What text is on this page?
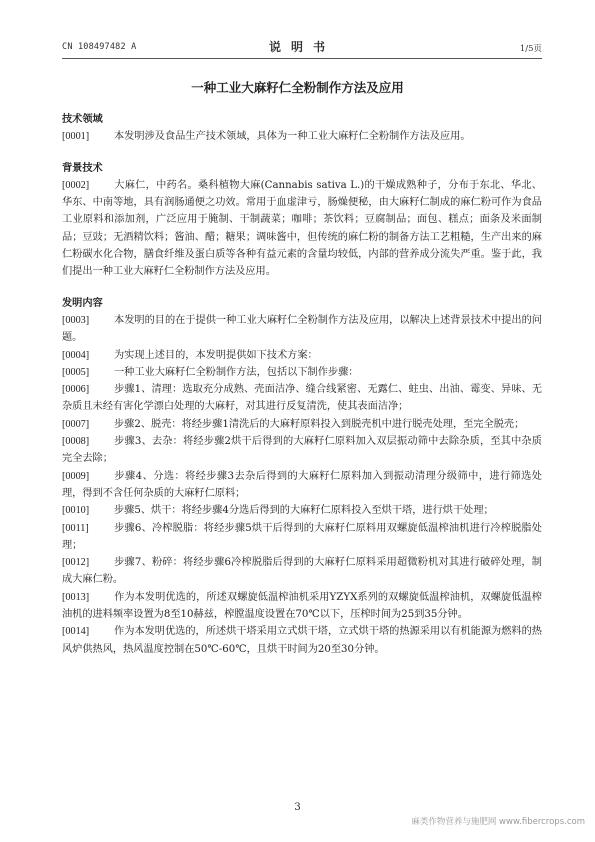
CN 108497482 A	说明书	1/5页
一种工业大麻籽仁全粉制作方法及应用

技术领域

[0001] 本发明涉及食品生产技术领域，具体为一种工业大麻籽仁全粉制作方法及应用。

背景技术

[0002] 大麻仁，中药名。桑科植物大麻(Cannabis sativa L.)的干燥成熟种子，分布于东北、华北、华东、中南等地，具有润肠通便之功效。常用于血虚津亏，肠燥便秘，由大麻籽仁制成的麻仁粉可作为食品工业原料和添加剂，广泛应用于腌制、干制蔬菜；咖啡；茶饮料；豆腐制品；面包、糕点；面条及米面制品；豆豉；无酒精饮料；酱油、醋；糖果；调味酱中，但传统的麻仁粉的制备方法工艺粗糙，生产出来的麻仁粉碳水化合物，膳食纤维及蛋白质等各种有益元素的含量均较低，内部的营养成分流失严重。鉴于此，我们提出一种工业大麻籽仁全粉制作方法及应用。

发明内容

[0003] 本发明的目的在于提供一种工业大麻籽仁全粉制作方法及应用，以解决上述背景技术中提出的问题。

[0004] 为实现上述目的，本发明提供如下技术方案：

[0005] 一种工业大麻籽仁全粉制作方法，包括以下制作步骤：

[0006] 步骤1、清理：选取充分成熟、壳面洁净、缝合线紧密、无露仁、蛀虫、出油、霉变、异味、无杂质且未经有害化学漂白处理的大麻籽，对其进行反复清洗，使其表面洁净；

[0007] 步骤2、脱壳：将经步骤1清洗后的大麻籽原料投入到脱壳机中进行脱壳处理，至完全脱壳；

[0008] 步骤3、去杂：将经步骤2烘干后得到的大麻籽仁原料加入双层振动筛中去除杂质，至其中杂质完全去除；

[0009] 步骤4、分选：将经步骤3去杂后得到的大麻籽仁原料加入到振动清理分级筛中，进行筛选处理，得到不含任何杂质的大麻籽仁原料；

[0010] 步骤5、烘干：将经步骤4分选后得到的大麻籽仁原料投入至烘干塔，进行烘干处理；

[0011] 步骤6、冷榨脱脂：将经步骤5烘干后得到的大麻籽仁原料用双螺旋低温榨油机进行冷榨脱脂处理；

[0012] 步骤7、粉碎：将经步骤6冷榨脱脂后得到的大麻籽仁原料采用超微粉机对其进行破碎处理，制成大麻仁粉。

[0013] 作为本发明优选的，所述双螺旋低温榨油机采用YZYX系列的双螺旋低温榨油机，双螺旋低温榨油机的进料频率设置为8至10赫兹，榨膛温度设置在70℃以下，压榨时间为25到35分钟。

[0014] 作为本发明优选的，所述烘干塔采用立式烘干塔，立式烘干塔的热源采用以有机能源为燃料的热风炉供热风，热风温度控制在50℃-60℃，且烘干时间为20至30分钟。

3
麻类作物营养与施肥网 www.fibercrops.com
